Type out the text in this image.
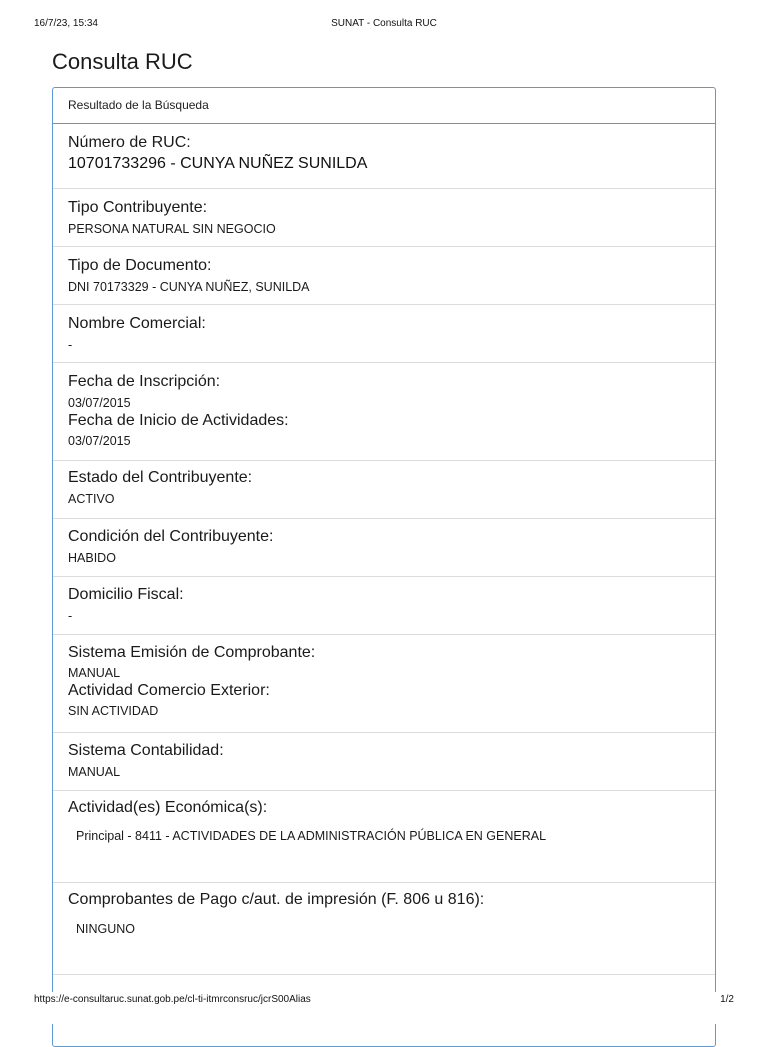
16/7/23, 15:34	SUNAT - Consulta RUC
Consulta RUC
Resultado de la Búsqueda
Número de RUC:
10701733296 - CUNYA NUÑEZ SUNILDA
Tipo Contribuyente:
PERSONA NATURAL SIN NEGOCIO
Tipo de Documento:
DNI 70173329 - CUNYA NUÑEZ, SUNILDA
Nombre Comercial:
-
Fecha de Inscripción:
03/07/2015
Fecha de Inicio de Actividades:
03/07/2015
Estado del Contribuyente:
ACTIVO
Condición del Contribuyente:
HABIDO
Domicilio Fiscal:
-
Sistema Emisión de Comprobante:
MANUAL
Actividad Comercio Exterior:
SIN ACTIVIDAD
Sistema Contabilidad:
MANUAL
Actividad(es) Económica(s):
Principal - 8411 - ACTIVIDADES DE LA ADMINISTRACIÓN PÚBLICA EN GENERAL
Comprobantes de Pago c/aut. de impresión (F. 806 u 816):
NINGUNO
https://e-consultaruc.sunat.gob.pe/cl-ti-itmrconsruc/jcrS00Alias	1/2
